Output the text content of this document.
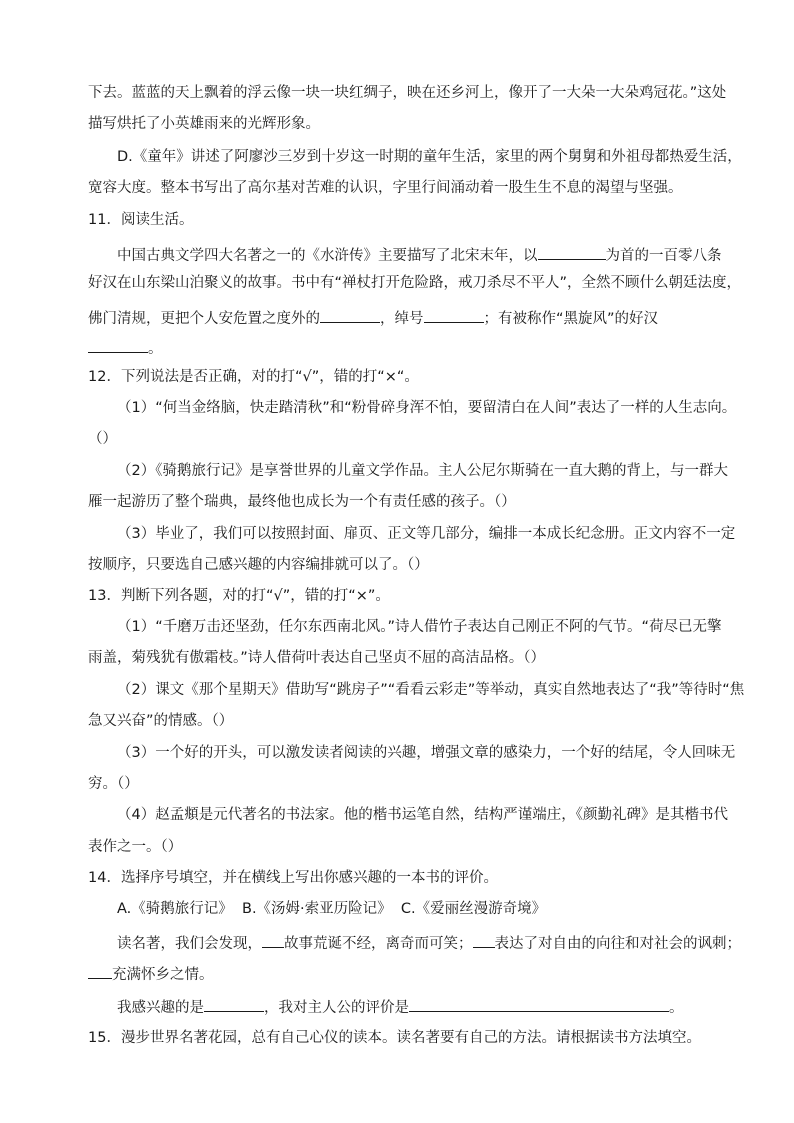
下去。蓝蓝的天上飘着的浮云像一块一块红绸子，映在还乡河上，像开了一大朵一大朵鸡冠花。”这处
描写烘托了小英雄雨来的光辉形象。
D.《童年》讲述了阿廖沙三岁到十岁这一时期的童年生活，家里的两个舅舅和外祖母都热爱生活，
宽容大度。整本书写出了高尔基对苦难的认识，字里行间涌动着一股生生不息的渴望与坚强。
11．阅读生活。
中国古典文学四大名著之一的《水浒传》主要描写了北宋末年，以	为首的一百零八条
好汉在山东梁山泊聚义的故事。书中有“禅杖打开危险路，戒刀杀尽不平人”，全然不顾什么朝廷法度，
佛门清规，更把个人安危置之度外的	，绰号	；有被称作“黑旋风”的好汉
。
12．下列说法是否正确，对的打“√”，错的打“×“。
（1）“何当金络脑，快走踏清秋”和“粉骨碎身浑不怕，要留清白在人间”表达了一样的人生志向。
（）
（2）《骑鹅旅行记》是享誉世界的儿童文学作品。主人公尼尔斯骑在一直大鹅的背上，与一群大
雁一起游历了整个瑞典，最终他也成长为一个有责任感的孩子。（）
（3）毕业了，我们可以按照封面、扉页、正文等几部分，编排一本成长纪念册。正文内容不一定
按顺序，只要选自己感兴趣的内容编排就可以了。（）
13．判断下列各题，对的打“√”，错的打“×”。
（1）“千磨万击还坚劲，任尔东西南北风。”诗人借竹子表达自己刚正不阿的气节。“荷尽已无擎
雨盖，菊残犹有傲霜枝。”诗人借荷叶表达自己坚贞不屈的高洁品格。（）
（2）课文《那个星期天》借助写“跳房子”“看看云彩走”等举动，真实自然地表达了“我”等待时“焦
急又兴奋”的情感。（）
（3）一个好的开头，可以激发读者阅读的兴趣，增强文章的感染力，一个好的结尾，令人回味无
穷。（）
（4）赵孟頫是元代著名的书法家。他的楷书运笔自然，结构严谨端庄，《颜勤礼碑》是其楷书代
表作之一。（）
14．选择序号填空，并在横线上写出你感兴趣的一本书的评价。
A.《骑鹅旅行记》  B.《汤姆·索亚历险记》  C.《爱丽丝漫游奇境》
读名著，我们会发现， 故事荒诞不经，离奇而可笑； 表达了对自由的向往和对社会的讽刺；
充满怀乡之情。
我感兴趣的是	，我对主人公的评价是	。
15．漫步世界名著花园，总有自己心仪的读本。读名著要有自己的方法。请根据读书方法填空。
